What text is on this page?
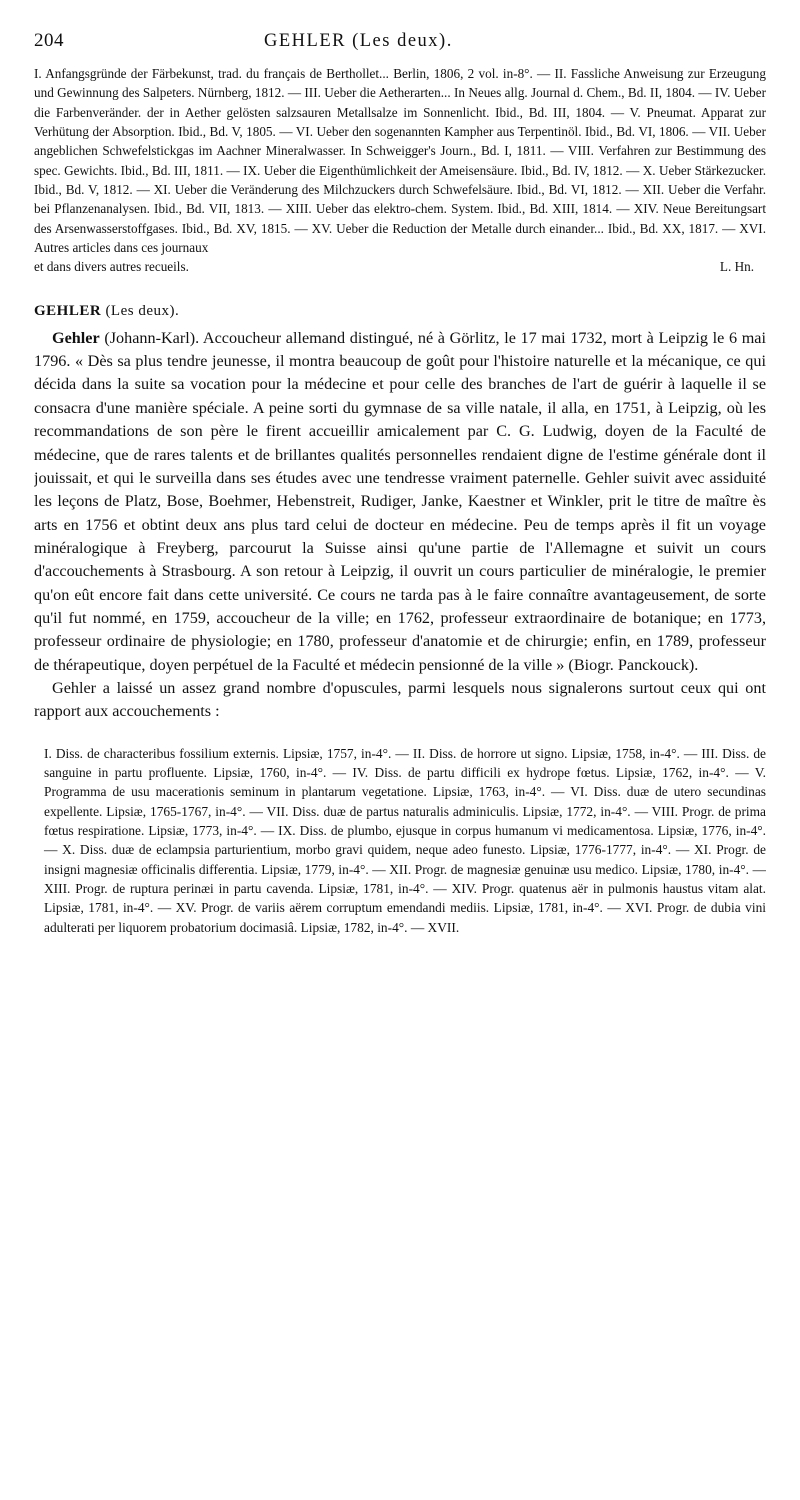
204	GEHLER (Les deux).
I. Anfangsgründe der Färbekunst, trad. du français de Berthollet... Berlin, 1806, 2 vol. in-8°. — II. Fassliche Anweisung zur Erzeugung und Gewinnung des Salpeters. Nürnberg, 1812. — III. Ueber die Aetherarten... In Neues allg. Journal d. Chem., Bd. II, 1804. — IV. Ueber die Farbenveränder. der in Aether gelösten salzsauren Metallsalze im Sonnenlicht. Ibid., Bd. III, 1804. — V. Pneumat. Apparat zur Verhütung der Absorption. Ibid., Bd. V, 1805. — VI. Ueber den sogenannten Kampher aus Terpentinöl. Ibid., Bd. VI, 1806. — VII. Ueber angeblichen Schwefelstickgas im Aachner Mineralwasser. In Schweigger's Journ., Bd. I, 1811. — VIII. Verfahren zur Bestimmung des spec. Gewichts. Ibid., Bd. III, 1811. — IX. Ueber die Eigenthümlichkeit der Ameisensäure. Ibid., Bd. IV, 1812. — X. Ueber Stärkezucker. Ibid., Bd. V, 1812. — XI. Ueber die Veränderung des Milchzuckers durch Schwefelsäure. Ibid., Bd. VI, 1812. — XII. Ueber die Verfahr. bei Pflanzenanalysen. Ibid., Bd. VII, 1813. — XIII. Ueber das elektro-chem. System. Ibid., Bd. XIII, 1814. — XIV. Neue Bereitungsart des Arsenwasserstoffgases. Ibid., Bd. XV, 1815. — XV. Ueber die Reduction der Metalle durch einander... Ibid., Bd. XX, 1817. — XVI. Autres articles dans ces journaux
et dans divers autres recueils.	L. Hn.
GEHLER (Les deux).

Gehler (Johann-Karl). Accoucheur allemand distingué, né à Görlitz, le 17 mai 1732, mort à Leipzig le 6 mai 1796. « Dès sa plus tendre jeunesse, il montra beaucoup de goût pour l'histoire naturelle et la mécanique, ce qui décida dans la suite sa vocation pour la médecine et pour celle des branches de l'art de guérir à laquelle il se consacra d'une manière spéciale. A peine sorti du gymnase de sa ville natale, il alla, en 1751, à Leipzig, où les recommandations de son père le firent accueillir amicalement par C. G. Ludwig, doyen de la Faculté de médecine, que de rares talents et de brillantes qualités personnelles rendaient digne de l'estime générale dont il jouissait, et qui le surveilla dans ses études avec une tendresse vraiment paternelle. Gehler suivit avec assiduité les leçons de Platz, Bose, Boehmer, Hebenstreit, Rudiger, Janke, Kaestner et Winkler, prit le titre de maître ès arts en 1756 et obtint deux ans plus tard celui de docteur en médecine. Peu de temps après il fit un voyage minéralogique à Freyberg, parcourut la Suisse ainsi qu'une partie de l'Allemagne et suivit un cours d'accouchements à Strasbourg. A son retour à Leipzig, il ouvrit un cours particulier de minéralogie, le premier qu'on eût encore fait dans cette université. Ce cours ne tarda pas à le faire connaître avantageusement, de sorte qu'il fut nommé, en 1759, accoucheur de la ville; en 1762, professeur extraordinaire de botanique; en 1773, professeur ordinaire de physiologie; en 1780, professeur d'anatomie et de chirurgie; enfin, en 1789, professeur de thérapeutique, doyen perpétuel de la Faculté et médecin pensionné de la ville » (Biogr. Panckouck).

Gehler a laissé un assez grand nombre d'opuscules, parmi lesquels nous signalerons surtout ceux qui ont rapport aux accouchements :

I. Diss. de characteribus fossilium externis. Lipsiæ, 1757, in-4°. — II. Diss. de horrore ut signo. Lipsiæ, 1758, in-4°. — III. Diss. de sanguine in partu profluente. Lipsiæ, 1760, in-4°. — IV. Diss. de partu difficili ex hydrope fœtus. Lipsiæ, 1762, in-4°. — V. Programma de usu macerationis seminum in plantarum vegetatione. Lipsiæ, 1763, in-4°. — VI. Diss. duæ de utero secundinas expellente. Lipsiæ, 1765-1767, in-4°. — VII. Diss. duæ de partus naturalis adminiculis. Lipsiæ, 1772, in-4°. — VIII. Progr. de prima fœtus respiratione. Lipsiæ, 1773, in-4°. — IX. Diss. de plumbo, ejusque in corpus humanum vi medicamentosa. Lipsiæ, 1776, in-4°. — X. Diss. duæ de eclampsia parturientium, morbo gravi quidem, neque adeo funesto. Lipsiæ, 1776-1777, in-4°. — XI. Progr. de insigni magnesiæ officinalis differentia. Lipsiæ, 1779, in-4°. — XII. Progr. de magnesiæ genuinæ usu medico. Lipsiæ, 1780, in-4°. — XIII. Progr. de ruptura perinæi in partu cavenda. Lipsiæ, 1781, in-4°. — XIV. Progr. quatenus aër in pulmonis haustus vitam alat. Lipsiæ, 1781, in-4°. — XV. Progr. de variis aërem corruptum emendandi mediis. Lipsiæ, 1781, in-4°. — XVI. Progr. de dubia vini adulterati per liquorem probatorium docimasiâ. Lipsiæ, 1782, in-4°. — XVII.
